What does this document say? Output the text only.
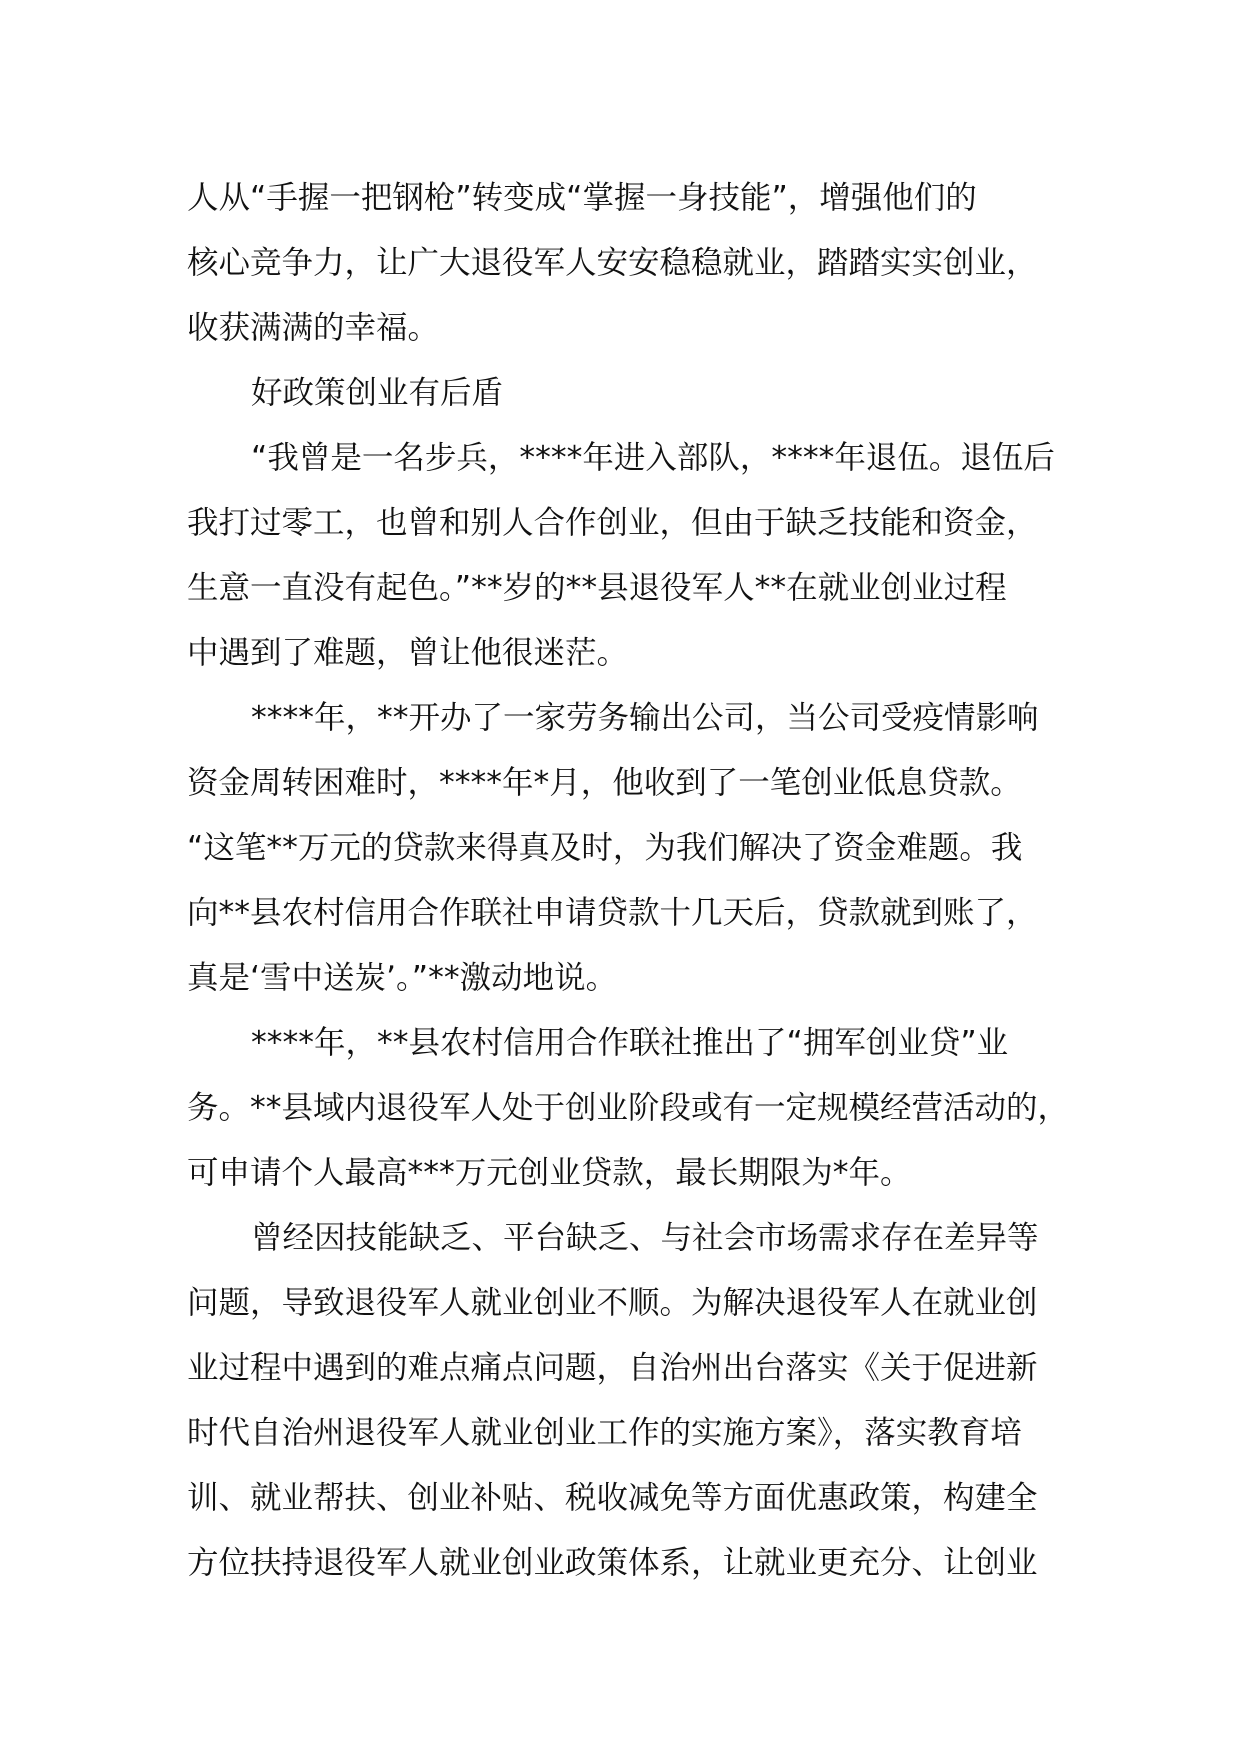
人从“手握一把钢枪”转变成“掌握一身技能”，增强他们的
核心竞争力，让广大退役军人安安稳稳就业，踏踏实实创业，
收获满满的幸福。
好政策创业有后盾
“我曾是一名步兵，****年进入部队，****年退伍。退伍后
我打过零工，也曾和别人合作创业，但由于缺乏技能和资金，
生意一直没有起色。”**岁的**县退役军人**在就业创业过程
中遇到了难题，曾让他很迷茫。
****年，**开办了一家劳务输出公司，当公司受疫情影响
资金周转困难时，****年*月，他收到了一笔创业低息贷款。
“这笔**万元的贷款来得真及时，为我们解决了资金难题。我
向**县农村信用合作联社申请贷款十几天后，贷款就到账了，
真是‘雪中送炭’。”**激动地说。
****年，**县农村信用合作联社推出了“拥军创业贷”业
务。**县域内退役军人处于创业阶段或有一定规模经营活动的，
可申请个人最高***万元创业贷款，最长期限为*年。
曾经因技能缺乏、平台缺乏、与社会市场需求存在差异等
问题，导致退役军人就业创业不顺。为解决退役军人在就业创
业过程中遇到的难点痛点问题，自治州出台落实《关于促进新
时代自治州退役军人就业创业工作的实施方案》，落实教育培
训、就业帮扶、创业补贴、税收减免等方面优惠政策，构建全
方位扶持退役军人就业创业政策体系，让就业更充分、让创业
